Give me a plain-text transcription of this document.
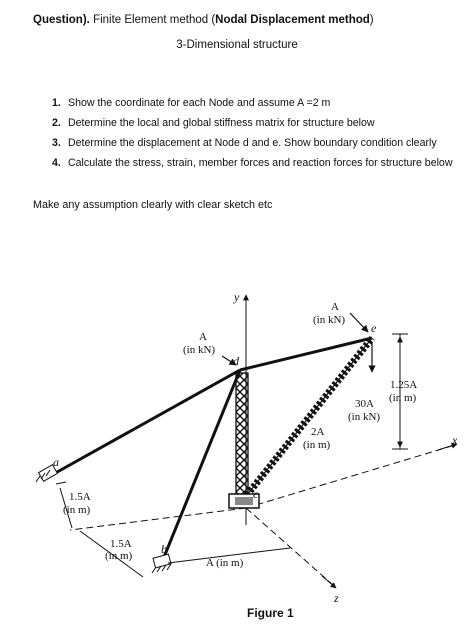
Question). Finite Element method (Nodal Displacement method)
3-Dimensional structure
1. Show the coordinate for each Node and assume A =2 m
2. Determine the local and global stiffness matrix for structure below
3. Determine the displacement at Node d and e. Show boundary condition clearly
4. Calculate the stress, strain, member forces and reaction forces for structure below
Make any assumption clearly with clear sketch etc
y
x
z
a
b
c
d
e
A
(in kN)
A
(in kN)
30A
(in kN)
1.25A
(in m)
2A
(in m)
1.5A
(in m)
1.5A
(in m)
A (in m)
Figure 1
